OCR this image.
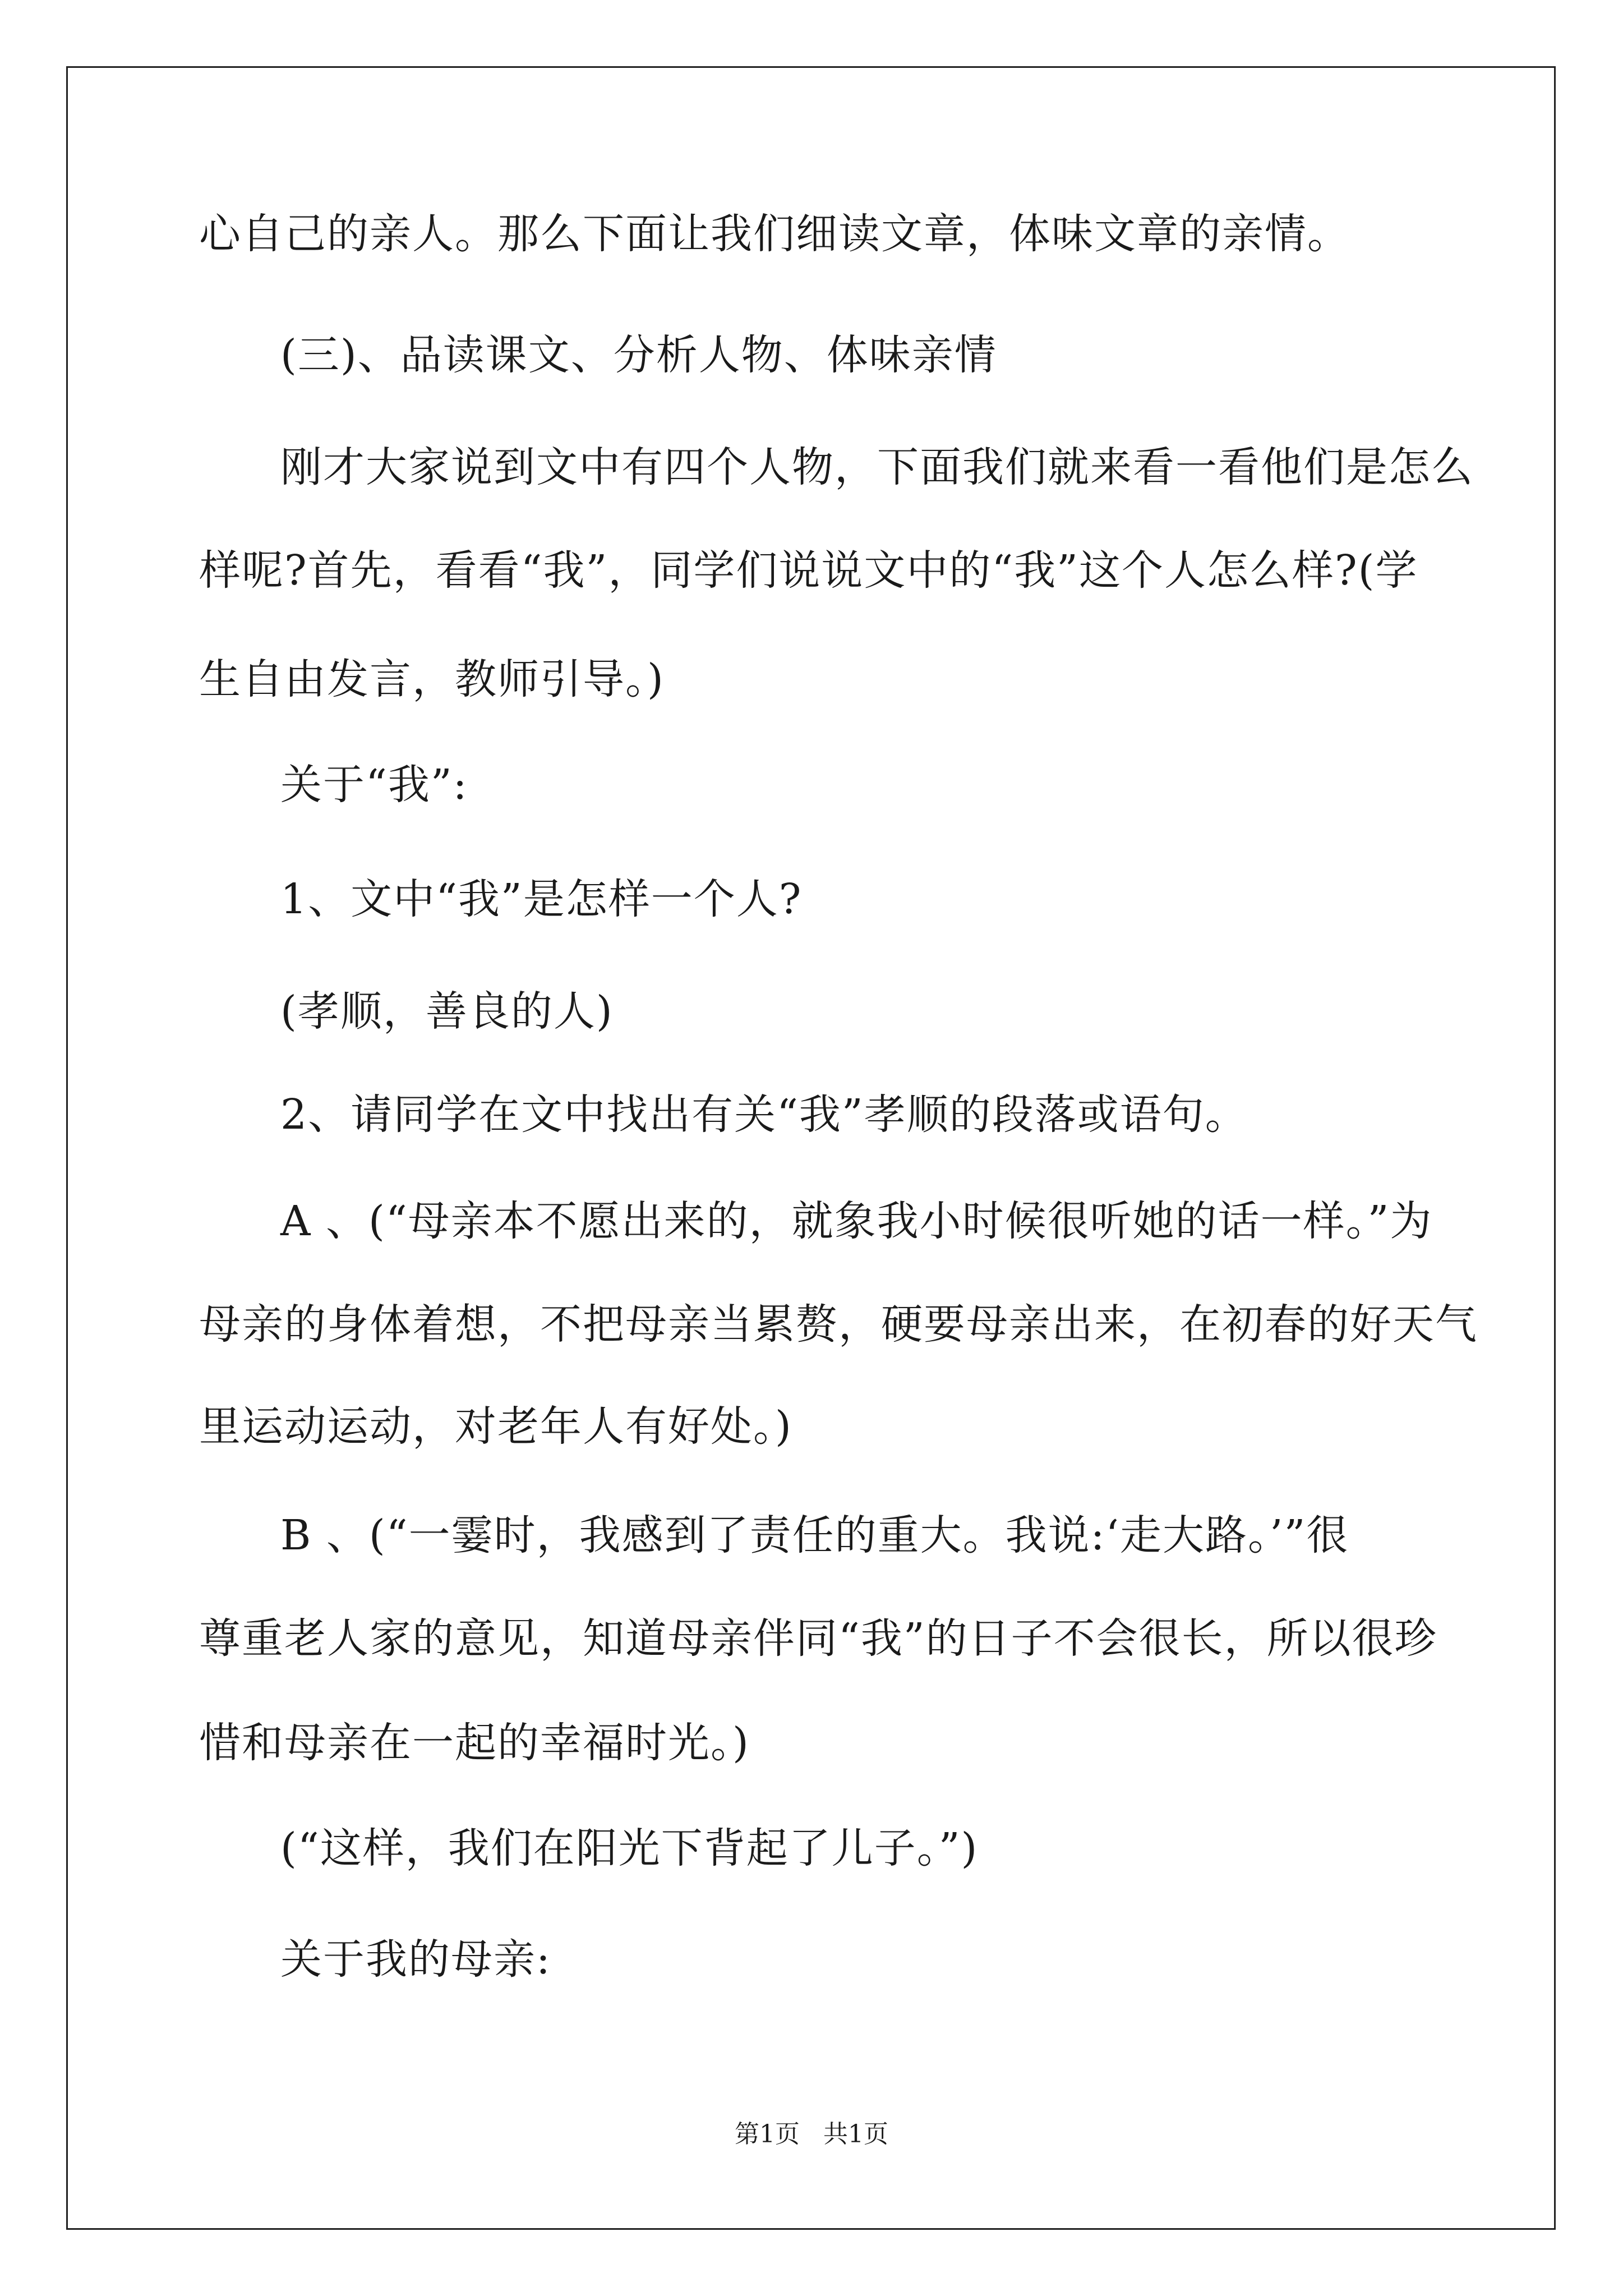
心自己的亲人。那么下面让我们细读文章，体味文章的亲情。
(三)、品读课文、分析人物、体味亲情
刚才大家说到文中有四个人物，下面我们就来看一看他们是怎么
样呢?首先，看看“我”，同学们说说文中的“我”这个人怎么样?(学
生自由发言，教师引导。)
关于“我”:
1、文中“我”是怎样一个人?
(孝顺，善良的人)
2、请同学在文中找出有关“我”孝顺的段落或语句。
A 、(“母亲本不愿出来的，就象我小时候很听她的话一样。”为
母亲的身体着想，不把母亲当累赘，硬要母亲出来，在初春的好天气
里运动运动，对老年人有好处。)
B 、(“一霎时，我感到了责任的重大。我说:‘走大路。’”很
尊重老人家的意见，知道母亲伴同“我”的日子不会很长，所以很珍
惜和母亲在一起的幸福时光。)
(“这样，我们在阳光下背起了儿子。”)
关于我的母亲:
第1页   共1页
